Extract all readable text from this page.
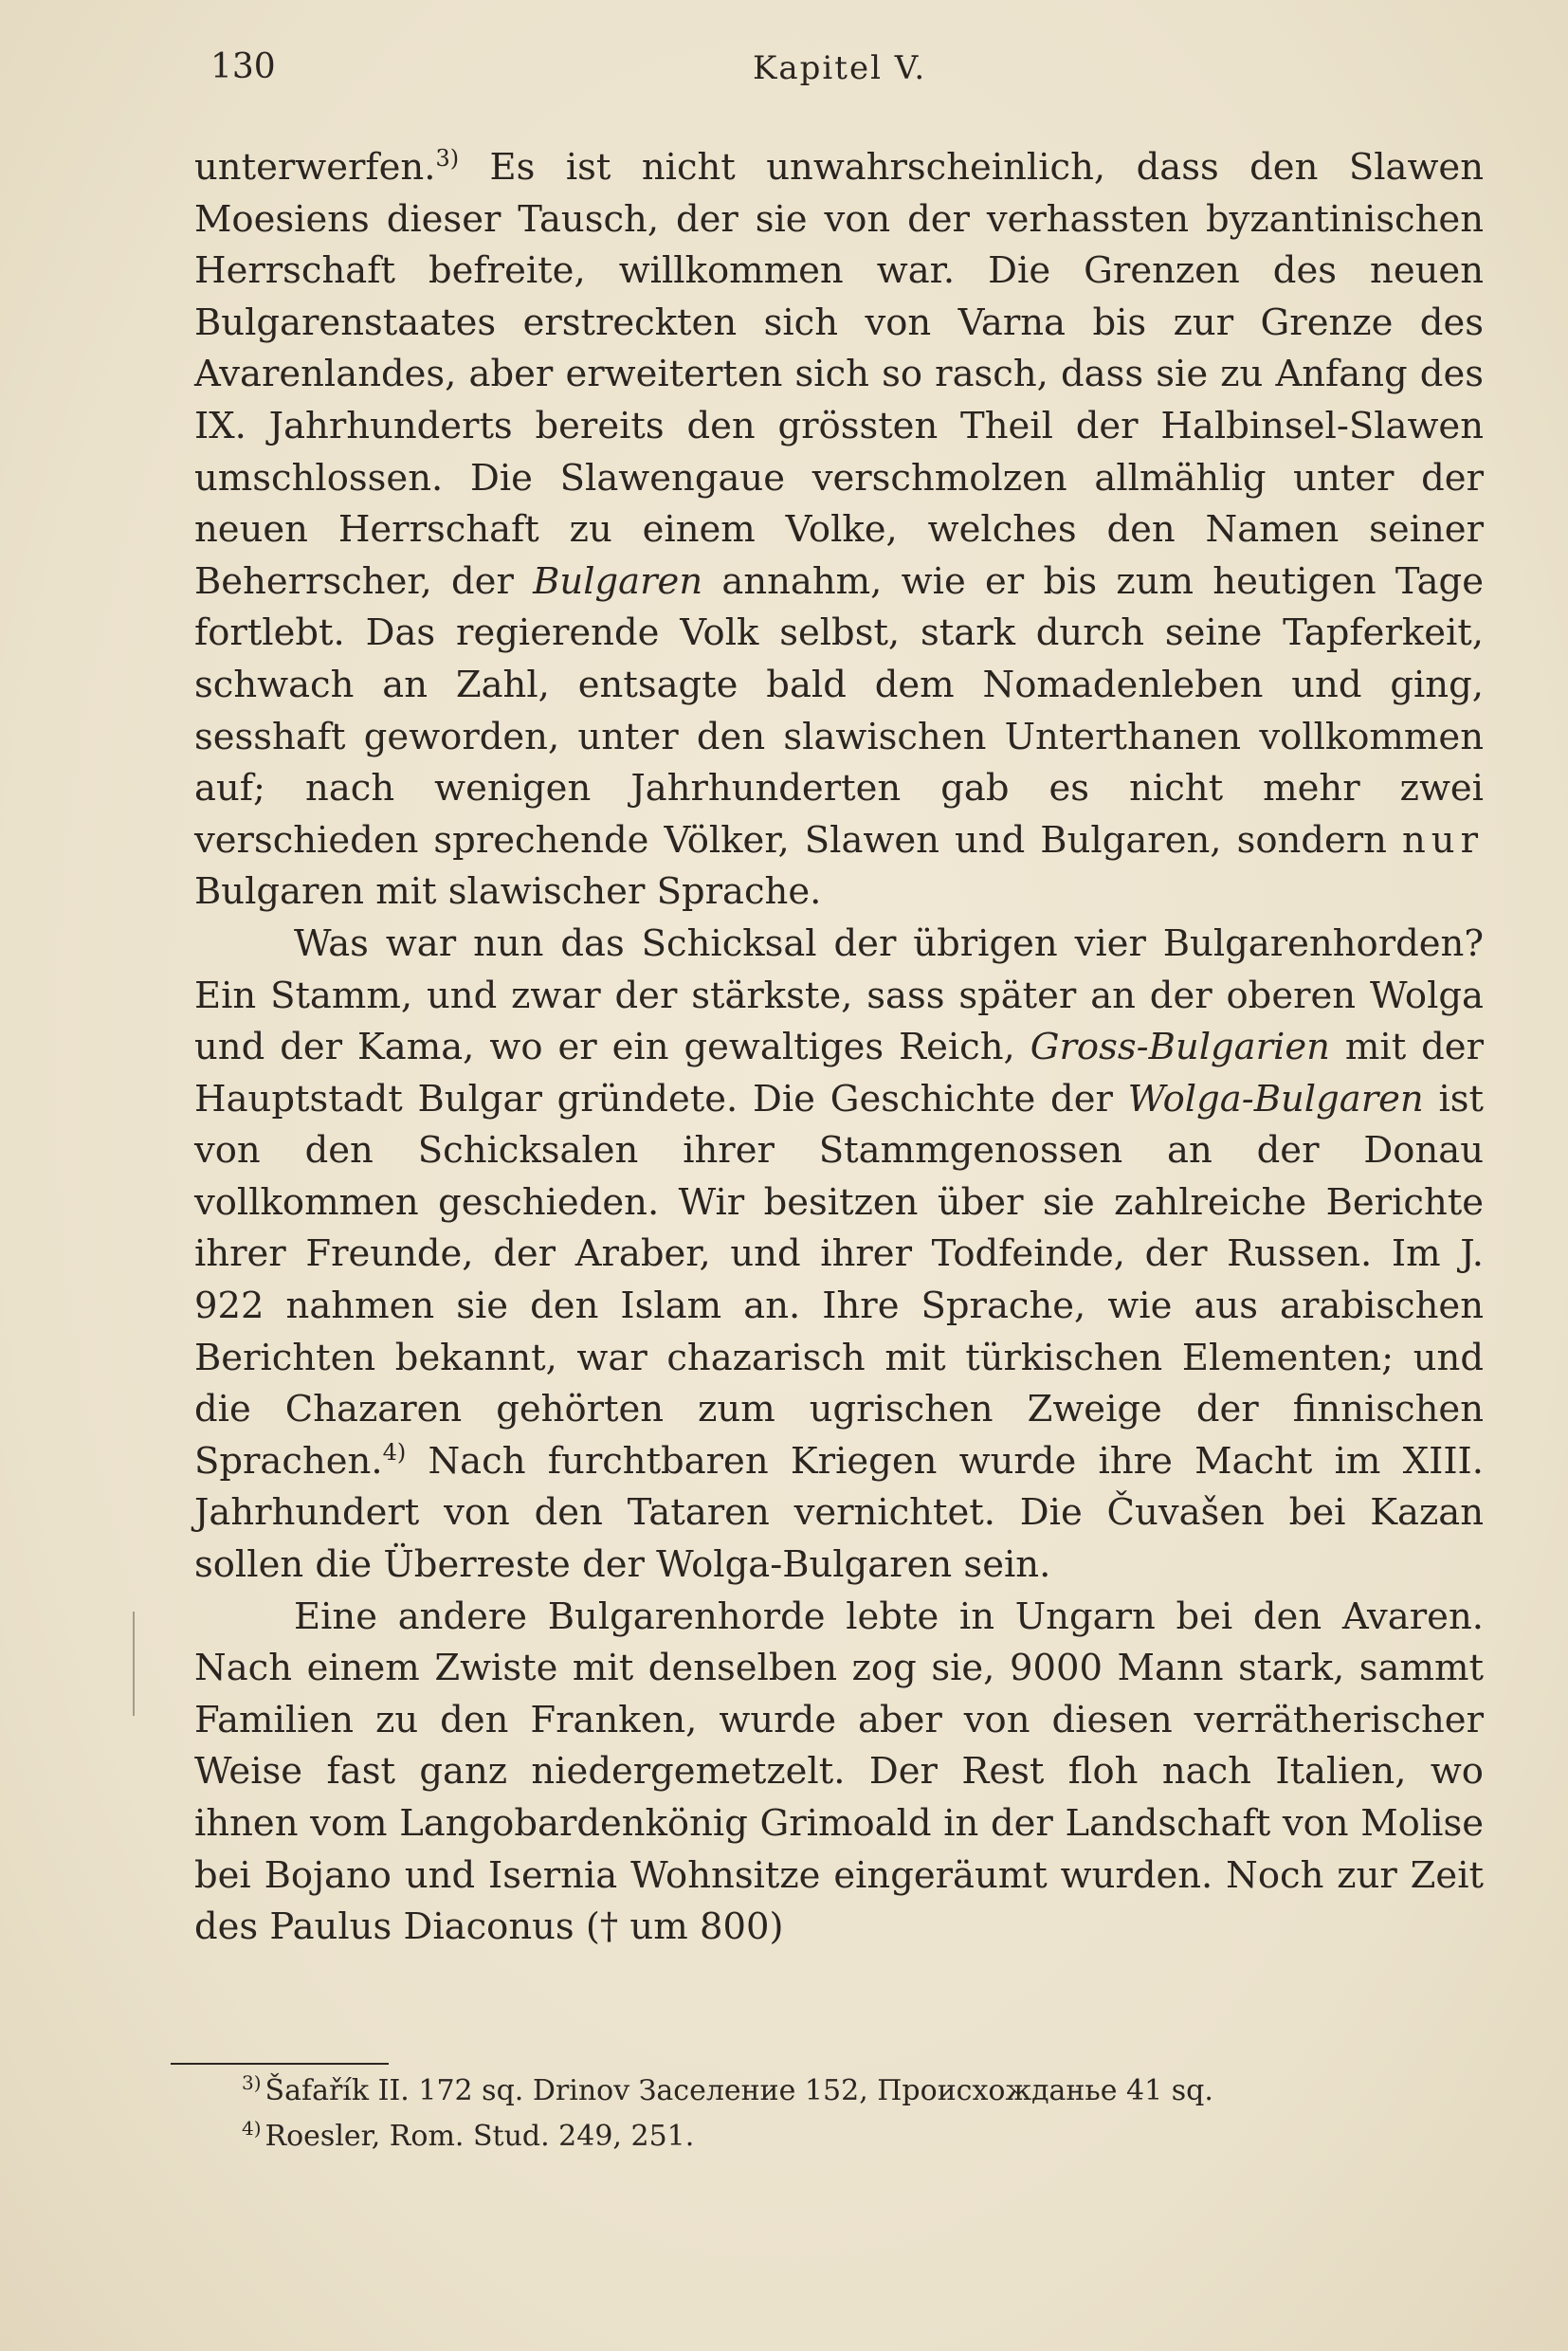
130	Kapitel V.

unterwerfen.$^{3)}$ Es ist nicht unwahrscheinlich, dass den Slawen Moesiens dieser Tausch, der sie von der verhassten byzantinischen Herrschaft befreite, willkommen war. Die Grenzen des neuen Bulgarenstaates erstreckten sich von Varna bis zur Grenze des Avarenlandes, aber erweiterten sich so rasch, dass sie zu Anfang des IX. Jahrhunderts bereits den grössten Theil der Halbinsel-Slawen umschlossen. Die Slawengaue verschmolzen allmählig unter der neuen Herrschaft zu einem Volke, welches den Namen seiner Beherrscher, der Bulgaren annahm, wie er bis zum heutigen Tage fortlebt. Das regierende Volk selbst, stark durch seine Tapferkeit, schwach an Zahl, entsagte bald dem Nomadenleben und ging, sesshaft geworden, unter den slawischen Unterthanen vollkommen auf; nach wenigen Jahrhunderten gab es nicht mehr zwei verschieden sprechende Völker, Slawen und Bulgaren, sondern nur Bulgaren mit slawischer Sprache.

Was war nun das Schicksal der übrigen vier Bulgarenhorden? Ein Stamm, und zwar der stärkste, sass später an der oberen Wolga und der Kama, wo er ein gewaltiges Reich, Gross-Bulgarien mit der Hauptstadt Bulgar gründete. Die Geschichte der Wolga-Bulgaren ist von den Schicksalen ihrer Stammgenossen an der Donau vollkommen geschieden. Wir besitzen über sie zahlreiche Berichte ihrer Freunde, der Araber, und ihrer Todfeinde, der Russen. Im J. 922 nahmen sie den Islam an. Ihre Sprache, wie aus arabischen Berichten bekannt, war chazarisch mit türkischen Elementen; und die Chazaren gehörten zum ugrischen Zweige der finnischen Sprachen.$^{4)}$ Nach furchtbaren Kriegen wurde ihre Macht im XIII. Jahrhundert von den Tataren vernichtet. Die Čuvašen bei Kazan sollen die Überreste der Wolga-Bulgaren sein.

Eine andere Bulgarenhorde lebte in Ungarn bei den Avaren. Nach einem Zwiste mit denselben zog sie, 9000 Mann stark, sammt Familien zu den Franken, wurde aber von diesen verrätherischer Weise fast ganz niedergemetzelt. Der Rest floh nach Italien, wo ihnen vom Langobardenkönig Grimoald in der Landschaft von Molise bei Bojano und Isernia Wohnsitze eingeräumt wurden. Noch zur Zeit des Paulus Diaconus († um 800)

$^{3)}$ Šafařík II. 172 sq. Drinov Заселение 152, Происхожданье 41 sq.

$^{4)}$ Roesler, Rom. Stud. 249, 251.
